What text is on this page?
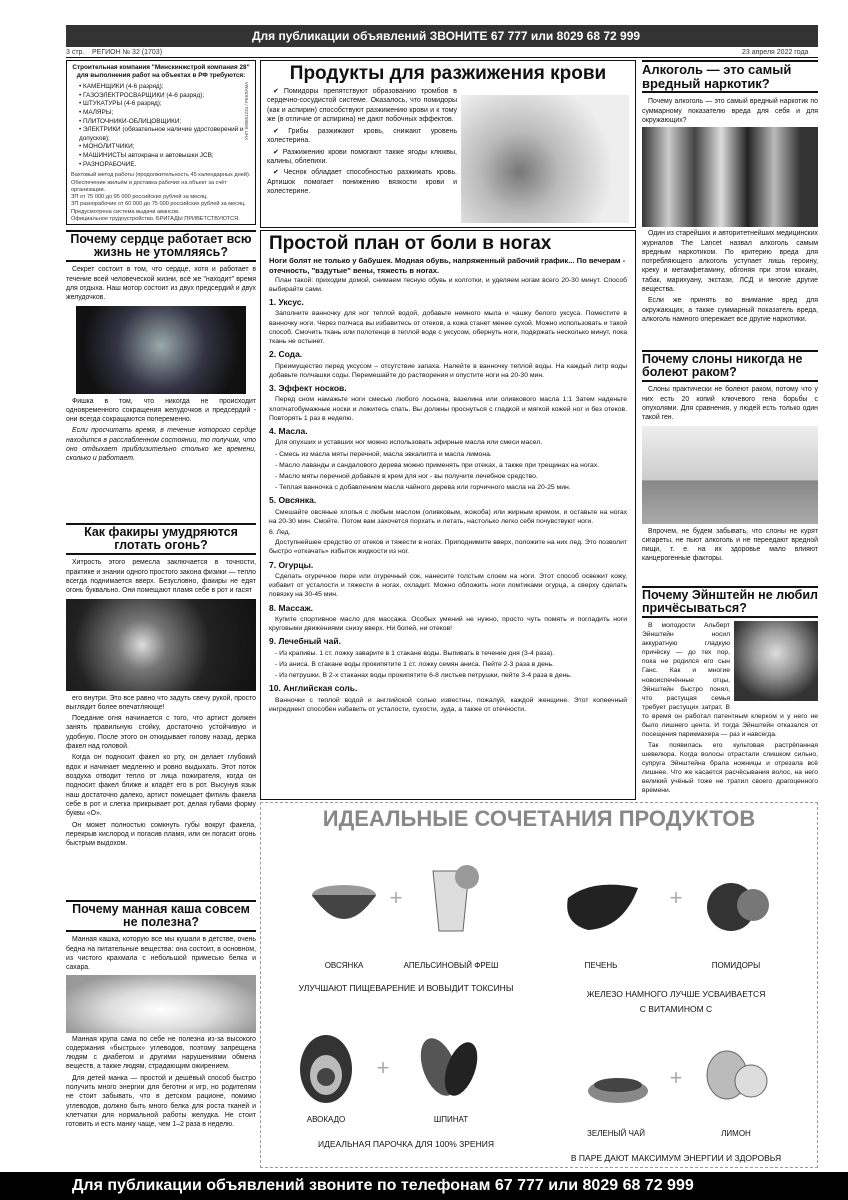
Для публикации объявлений ЗВОНИТЕ 67 777 или 8029 68 72 999
3 стр. РЕГИОН № 32 (1703)	23 апреля 2022 года
Строительная компания "Минскинжстрой компания 28" для выполнения работ на объектах в РФ требуются:
• КАМЕНЩИКИ (4-6 разряд);
• ГАЗОЭЛЕКТРОСВАРЩИКИ (4-6 разряд);
• ШТУКАТУРЫ (4-6 разряд);
• МАЛЯРЫ;
• ПЛИТОЧНИКИ-ОБЛИЦОВЩИКИ;
• ЭЛЕКТРИКИ (обязательное наличие удостоверений и допусков);
• МОНОЛИТЧИКИ;
• МАШИНИСТЫ автокрана и автовышки JCB;
• РАЗНОРАБОЧИЕ.
Вахтовый метод работы (продолжительность 45 календарных дней).
Обеспечение жильём и доставка рабочих на объект за счёт организации.
ЗП от 75 000 до 95 000 российских рублей за месяц.
ЗП разнорабочие от 60 000 до 75 000 российских рублей за месяц.
Предусмотрена система выдачи авансов.
Официальное трудоустройство. БРИГАДЫ ПРИВЕТСТВУЮТСЯ.
УНП 690651234 / РЕКЛАМА
Продукты для разжижения крови

✔ Помидоры препятствуют образованию тромбов в сердечно-сосудистой системе. Оказалось, что помидоры (как и аспирин) способствуют разжижению крови и к тому же (в отличие от аспирина) не дают побочных эффектов.

✔ Грибы разжижают кровь, снижают уровень холестерина.

✔ Разжижению крови помогают также ягоды клюквы, калины, облепихи.

✔ Чеснок обладает способностью разжижать кровь. Артишок помогает понижению вязкости крови и холестерине.

Алкоголь — это самый вредный наркотик?

Почему алкоголь — это самый вредный наркотик по суммарному показателю вреда для себя и для окружающих?

Один из старейших и авторитетнейших медицинских журналов The Lancet назвал алкоголь самым вредным наркотиком. По критерию вреда для потребляющего алкоголь уступает лишь героину, креку и метамфетамину, обгоняя при этом кокаин, табак, марихуану, экстази, ЛСД и многие другие вещества.

Если же принять во внимание вред для окружающих, а также суммарный показатель вреда, алкоголь намного опережает все другие наркотики.

Почему сердце работает всю жизнь не утомляясь?

Секрет состоит в том, что сердце, хотя и работает в течение всей человеческой жизни, всё же "находит" время для отдыха. Наш мотор состоит из двух предсердий и двух желудочков.

Фишка в том, что никогда не происходит одновременного сокращения желудочков и предсердий - они всегда сокращаются попеременно.

Если просчитать время, в течение которого сердце находится в расслабленном состоянии, то получим, что оно отдыхает приблизительно столько же времени, сколько и работает.

Как факиры умудряются глотать огонь?

Хитрость этого ремесла заключается в точности, практике и знании одного простого закона физики — тепло всегда поднимается вверх. Безусловно, факиры не едят огонь буквально. Они помещают пламя себе в рот и гасят

его внутри. Это все равно что задуть свечу рукой, просто выглядит более впечатляюще!

Поедание огня начинается с того, что артист должен занять правильную стойку, достаточно устойчивую и удобную. После этого он откидывает голову назад, держа факел над головой.

Когда он подносит факел ко рту, он делает глубокий вдох и начинает медленно и ровно выдыхать. Этот поток воздуха отводит тепло от лица пожирателя, когда он подносит факел ближе и кладёт его в рот. Высунув язык наш достаточно далеко, артист помещает фитиль факела себе в рот и слегка прикрывает рот, делая губами форму буквы «О».

Он может полностью сомкнуть губы вокруг факела, перекрыв кислород и погасив пламя, или он погасит огонь быстрым выдохом.

Почему манная каша совсем не полезна?

Манная кашка, которую все мы кушали в детстве, очень бедна на питательные вещества: она состоит, в основном, из чистого крахмала с небольшой примесью белка и сахара.

Манная крупа сама по себе не полезна из-за высокого содержания «быстрых» углеводов, поэтому запрещена людям с диабетом и другими нарушениями обмена веществ, а также людям, страдающим ожирением.

Для детей манка — простой и дешёвый способ быстро получить много энергии для беготни и игр, но родителям не стоит забывать, что в детском рационе, помимо углеводов, должно быть много белка для роста тканей и клетчатки для нормальной работы желудка. Не стоит готовить и есть манку чаще, чем 1–2 раза в неделю.

Простой план от боли в ногах
Ноги болят не только у бабушек. Модная обувь, напряженный рабочий график... По вечерам - отечность, "вздутые" вены, тяжесть в ногах.

План такой: приходим домой, снимаем тесную обувь и колготки, и уделяем ногам всего 20-30 минут. Способ выбирайте сами.

1. Уксус.

Заполните ванночку для ног теплой водой, добавьте немного мыла и чашку белого уксуса. Поместите в ванночку ноги. Через полчаса вы избавитесь от отеков, а кожа станет менее сухой. Можно использовать и такой способ. Смочить ткань или полотенце в теплой воде с уксусом, обернуть ноги, подержать несколько минут, пока ткань не остынет.

2. Сода.

Преимущество перед уксусом – отсутствие запаха. Налейте в ванночку теплой воды. На каждый литр воды добавьте полчашки соды. Перемешайте до растворения и опустите ноги на 20-30 мин.

3. Эффект носков.

Перед сном намажьте ноги смесью любого лосьона, вазелина или оливкового масла 1:1 Затем наденьте хлопчатобумажные носки и ложитесь спать. Вы должны проснуться с гладкой и мягкой кожей ног и без отеков. Повторять 1 раз в неделю.

4. Масла.

Для опухших и уставших ног можно использовать эфирные масла или смеси масел.

- Смесь из масла мяты перечной, масла эвкалипта и масла лимона.

- Масло лаванды и сандалового дерева можно применять при отеках, а также при трещинах на ногах.

- Масло мяты перечной добавьте в крем для ног - вы получите лечебное средство.

- Теплая ванночка с добавлением масла чайного дерева или горчичного масла на 20-25 мин.

5. Овсянка.

Смешайте овсяные хлопья с любым маслом (оливковым, жожоба) или жирным кремом, и оставьте на ногах на 20-30 мин. Смойте. Потом вам захочется порхать и летать, настолько легко себя почувствуют ноги.

6. Лед.

Доступнейшее средство от отеков и тяжести в ногах. Приподнимите вверх, положите на них лед. Это позволит быстро «откачать» избыток жидкости из ног.

7. Огурцы.

Сделать огуречное пюре или огуречный сок, нанесите толстым слоем на ноги. Этот способ освежит кожу, избавит от усталости и тяжести в ногах, охладит. Можно обложить ноги ломтиками огурца, а сверху сделать повязку на 30-45 мин.

8. Массаж.

Купите спортивное масло для массажа. Особых умений не нужно, просто чуть помять и погладить ноги круговыми движениями снизу вверх. Ни болей, ни отеков!

9. Лечебный чай.

- Из крапивы. 1 ст. ложку заварите в 1 стакане воды. Выпивать в течение дня (3-4 раза).

- Из аниса. В стакане воды прокипятите 1 ст. ложку семян аниса. Пейте 2-3 раза в день.

- Из петрушки. В 2-х стаканах воды прокипятите 6-8 листьев петрушки, пейте 3-4 раза в день.

10. Английская соль.

Ванночки с теплой водой и английской солью известны, пожалуй, каждой женщине. Этот копеечный ингредиент способен избавить от усталости, сухости, зуда, а также от отечности.

Почему слоны никогда не болеют раком?

Слоны практически не болеют раком, потому что у них есть 20 копий ключевого гена борьбы с опухолями. Для сравнения, у людей есть только один такой ген.

Впрочем, не будем забывать, что слоны не курят сигареты, не пьют алкоголь и не переедают вредной пищи, т. е. на их здоровье мало влияют канцерогенные факторы.

Почему Эйнштейн не любил причёсываться?

В молодости Альберт Эйнштейн носил аккуратную гладкую причёску — до тех пор, пока не родился его сын Ганс. Как и многие новоиспечённые отцы, Эйнштейн быстро понял, что растущая семья требует растущих затрат. В то время он работал патентным клерком и у него не было лишнего цента. И тогда Эйнштейн отказался от посещения парикмахера — раз и навсегда.

Так появилась его культовая растрёпанная шевелюра. Когда волосы отрастали слишком сильно, супруга Эйнштейна брала ножницы и отрезала всё лишнее. Что же касается расчёсывания волос, на него великий учёный тоже не тратил своего драгоценного времени.

ИДЕАЛЬНЫЕ СОЧЕТАНИЯ ПРОДУКТОВ
+	+
ОВСЯНКА	АПЕЛЬСИНОВЫЙ ФРЕШ	ПЕЧЕНЬ	ПОМИДОРЫ
УЛУЧШАЮТ ПИЩЕВАРЕНИЕ И ВОВЫДИТ ТОКСИНЫ
ЖЕЛЕЗО НАМНОГО ЛУЧШЕ УСВАИВАЕТСЯ
С ВИТАМИНОМ С
+	+
АВОКАДО	ШПИНАТ
ЗЕЛЕНЫЙ ЧАЙ	ЛИМОН
ИДЕАЛЬНАЯ ПАРОЧКА ДЛЯ 100% ЗРЕНИЯ
В ПАРЕ ДАЮТ МАКСИМУМ ЭНЕРГИИ И ЗДОРОВЬЯ
Для публикации объявлений звоните по телефонам 67 777 или 8029 68 72 999
